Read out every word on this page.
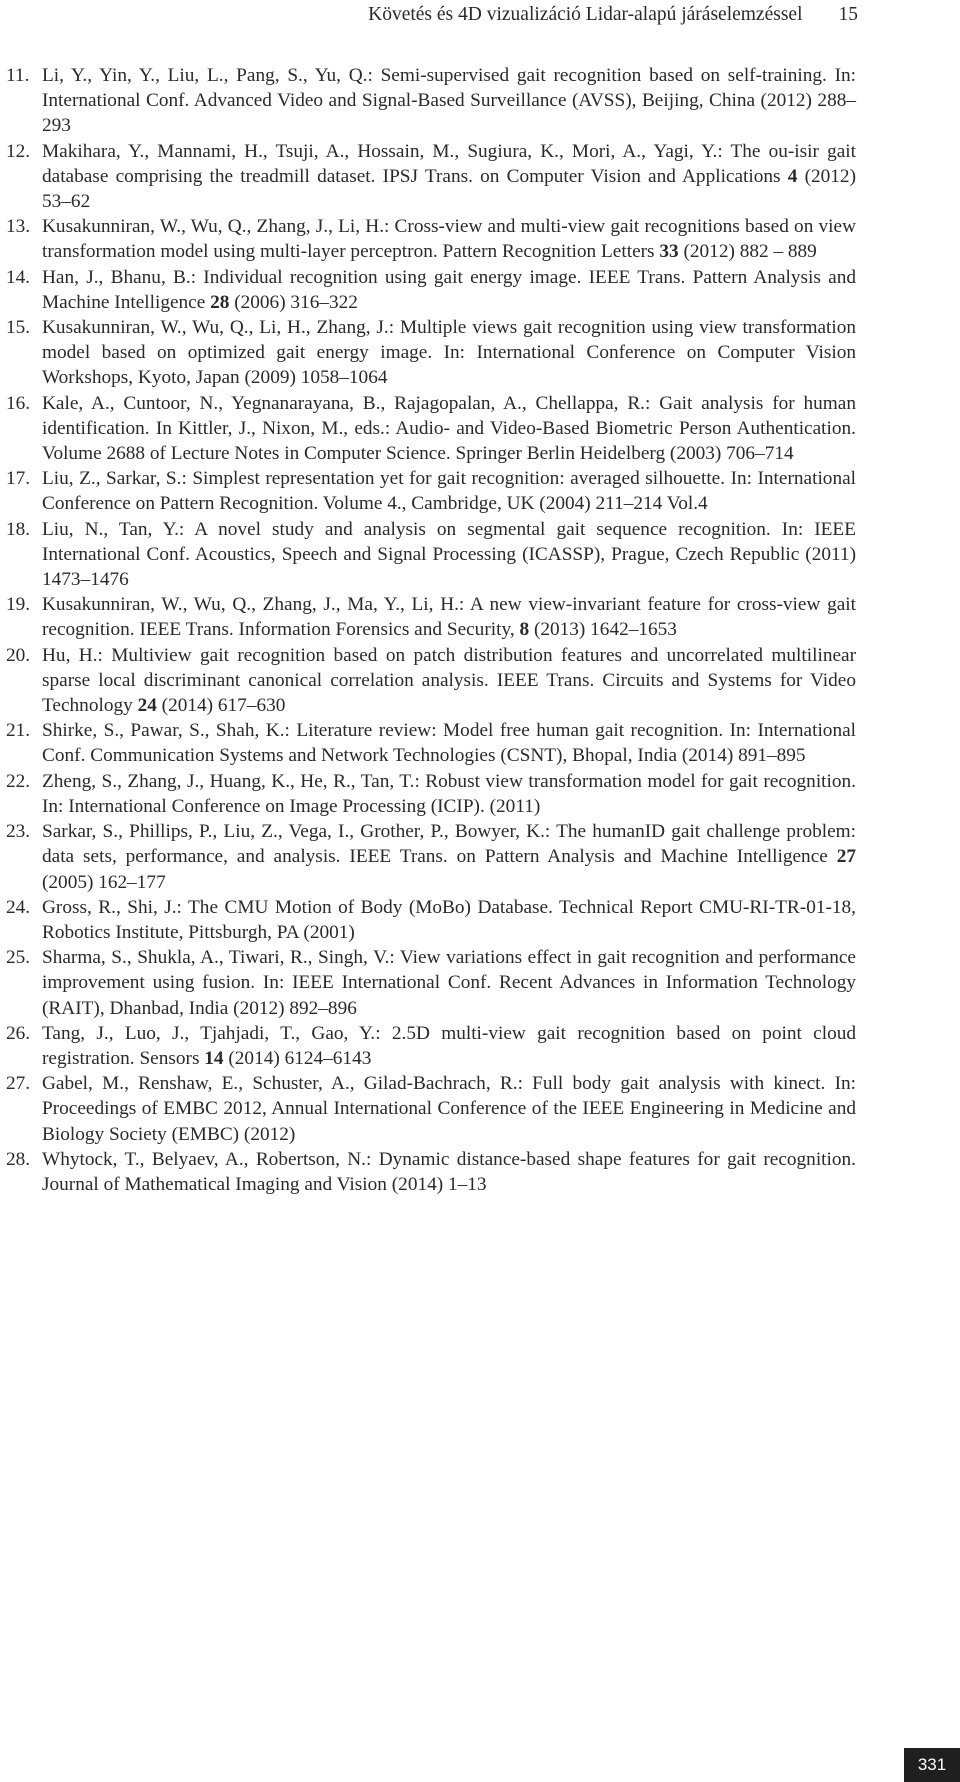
Követés és 4D vizualizáció Lidar-alapú járáselemzéssel 15
11. Li, Y., Yin, Y., Liu, L., Pang, S., Yu, Q.: Semi-supervised gait recognition based on self-training. In: International Conf. Advanced Video and Signal-Based Surveillance (AVSS), Beijing, China (2012) 288–293
12. Makihara, Y., Mannami, H., Tsuji, A., Hossain, M., Sugiura, K., Mori, A., Yagi, Y.: The ou-isir gait database comprising the treadmill dataset. IPSJ Trans. on Computer Vision and Applications 4 (2012) 53–62
13. Kusakunniran, W., Wu, Q., Zhang, J., Li, H.: Cross-view and multi-view gait recognitions based on view transformation model using multi-layer perceptron. Pattern Recognition Letters 33 (2012) 882 – 889
14. Han, J., Bhanu, B.: Individual recognition using gait energy image. IEEE Trans. Pattern Analysis and Machine Intelligence 28 (2006) 316–322
15. Kusakunniran, W., Wu, Q., Li, H., Zhang, J.: Multiple views gait recognition using view transformation model based on optimized gait energy image. In: International Conference on Computer Vision Workshops, Kyoto, Japan (2009) 1058–1064
16. Kale, A., Cuntoor, N., Yegnanarayana, B., Rajagopalan, A., Chellappa, R.: Gait analysis for human identification. In Kittler, J., Nixon, M., eds.: Audio- and Video-Based Biometric Person Authentication. Volume 2688 of Lecture Notes in Computer Science. Springer Berlin Heidelberg (2003) 706–714
17. Liu, Z., Sarkar, S.: Simplest representation yet for gait recognition: averaged silhouette. In: International Conference on Pattern Recognition. Volume 4., Cambridge, UK (2004) 211–214 Vol.4
18. Liu, N., Tan, Y.: A novel study and analysis on segmental gait sequence recognition. In: IEEE International Conf. Acoustics, Speech and Signal Processing (ICASSP), Prague, Czech Republic (2011) 1473–1476
19. Kusakunniran, W., Wu, Q., Zhang, J., Ma, Y., Li, H.: A new view-invariant feature for cross-view gait recognition. IEEE Trans. Information Forensics and Security, 8 (2013) 1642–1653
20. Hu, H.: Multiview gait recognition based on patch distribution features and uncorrelated multilinear sparse local discriminant canonical correlation analysis. IEEE Trans. Circuits and Systems for Video Technology 24 (2014) 617–630
21. Shirke, S., Pawar, S., Shah, K.: Literature review: Model free human gait recognition. In: International Conf. Communication Systems and Network Technologies (CSNT), Bhopal, India (2014) 891–895
22. Zheng, S., Zhang, J., Huang, K., He, R., Tan, T.: Robust view transformation model for gait recognition. In: International Conference on Image Processing (ICIP). (2011)
23. Sarkar, S., Phillips, P., Liu, Z., Vega, I., Grother, P., Bowyer, K.: The humanID gait challenge problem: data sets, performance, and analysis. IEEE Trans. on Pattern Analysis and Machine Intelligence 27 (2005) 162–177
24. Gross, R., Shi, J.: The CMU Motion of Body (MoBo) Database. Technical Report CMU-RI-TR-01-18, Robotics Institute, Pittsburgh, PA (2001)
25. Sharma, S., Shukla, A., Tiwari, R., Singh, V.: View variations effect in gait recognition and performance improvement using fusion. In: IEEE International Conf. Recent Advances in Information Technology (RAIT), Dhanbad, India (2012) 892–896
26. Tang, J., Luo, J., Tjahjadi, T., Gao, Y.: 2.5D multi-view gait recognition based on point cloud registration. Sensors 14 (2014) 6124–6143
27. Gabel, M., Renshaw, E., Schuster, A., Gilad-Bachrach, R.: Full body gait analysis with kinect. In: Proceedings of EMBC 2012, Annual International Conference of the IEEE Engineering in Medicine and Biology Society (EMBC) (2012)
28. Whytock, T., Belyaev, A., Robertson, N.: Dynamic distance-based shape features for gait recognition. Journal of Mathematical Imaging and Vision (2014) 1–13
331
